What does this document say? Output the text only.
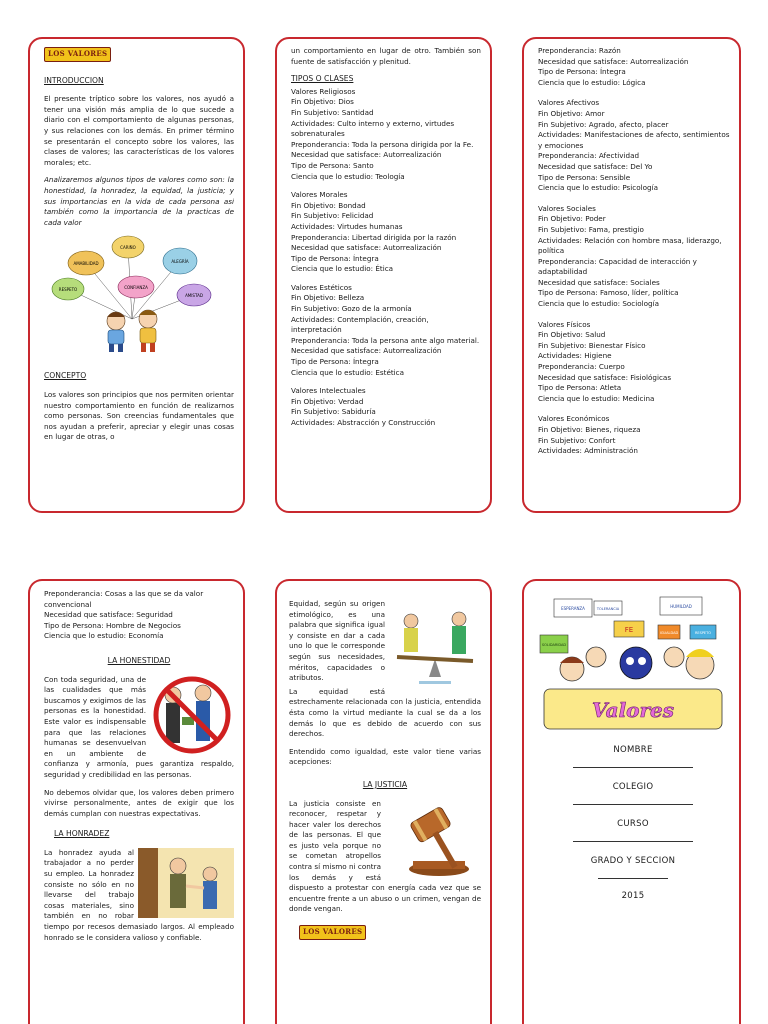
LOS VALORES
INTRODUCCION

El presente tríptico sobre los valores, nos ayudó a tener una visión más amplia de lo que sucede a diario con el comportamiento de algunas personas, y sus relaciones con los demás. En primer término se presentarán el concepto sobre los valores, las clases de valores; las características de los valores morales; etc.

Analizaremos algunos tipos de valores como son: la honestidad, la honradez, la equidad, la justicia; y sus importancias en la vida de cada persona así también como la importancia de la practicas de cada valor

CARIÑO
AMABILIDAD	ALEGRÍA
RESPETO	CONFIANZA
AMISTAD
CONCEPTO

Los valores son principios que nos permiten orientar nuestro comportamiento en función de realizarnos como personas. Son creencias fundamentales que nos ayudan a preferir, apreciar y elegir unas cosas en lugar de otras, o

un comportamiento en lugar de otro. También son fuente de satisfacción y plenitud.

TIPOS O CLASES
Valores Religiosos
Fin Objetivo: Dios
Fin Subjetivo: Santidad
Actividades: Culto interno y externo, virtudes sobrenaturales
Preponderancia: Toda la persona dirigida por la Fe.
Necesidad que satisface: Autorrealización
Tipo de Persona: Santo
Ciencia que lo estudio: Teología
Valores Morales
Fin Objetivo: Bondad
Fin Subjetivo: Felicidad
Actividades: Virtudes humanas
Preponderancia: Libertad dirigida por la razón
Necesidad que satisface: Autorrealización
Tipo de Persona: Íntegra
Ciencia que lo estudio: Ética
Valores Estéticos
Fin Objetivo: Belleza
Fin Subjetivo: Gozo de la armonía
Actividades: Contemplación, creación, interpretación
Preponderancia: Toda la persona ante algo material.
Necesidad que satisface: Autorrealización
Tipo de Persona: Íntegra
Ciencia que lo estudio: Estética
Valores Intelectuales
Fin Objetivo: Verdad
Fin Subjetivo: Sabiduría
Actividades: Abstracción y Construcción
Preponderancia: Razón
Necesidad que satisface: Autorrealización
Tipo de Persona: Íntegra
Ciencia que lo estudio: Lógica
Valores Afectivos
Fin Objetivo: Amor
Fin Subjetivo: Agrado, afecto, placer
Actividades: Manifestaciones de afecto, sentimientos y emociones
Preponderancia: Afectividad
Necesidad que satisface: Del Yo
Tipo de Persona: Sensible
Ciencia que lo estudio: Psicología
Valores Sociales
Fin Objetivo: Poder
Fin Subjetivo: Fama, prestigio
Actividades: Relación con hombre masa, liderazgo, política
Preponderancia: Capacidad de interacción y adaptabilidad
Necesidad que satisface: Sociales
Tipo de Persona: Famoso, líder, política
Ciencia que lo estudio: Sociología
Valores Físicos
Fin Objetivo: Salud
Fin Subjetivo: Bienestar Físico
Actividades: Higiene
Preponderancia: Cuerpo
Necesidad que satisface: Fisiológicas
Tipo de Persona: Atleta
Ciencia que lo estudio: Medicina
Valores Económicos
Fin Objetivo: Bienes, riqueza
Fin Subjetivo: Confort
Actividades: Administración
Preponderancia: Cosas a las que se da valor convencional
Necesidad que satisface: Seguridad
Tipo de Persona: Hombre de Negocios
Ciencia que lo estudio: Economía
LA HONESTIDAD

Con toda seguridad, una de las cualidades que más buscamos y exigimos de las personas es la honestidad. Este valor es indispensable para que las relaciones humanas se desenvuelvan en un ambiente de confianza y armonía, pues garantiza respaldo, seguridad y credibilidad en las personas.

No debemos olvidar que, los valores deben primero vivirse personalmente, antes de exigir que los demás cumplan con nuestras expectativas.

LA HONRADEZ

La honradez ayuda al trabajador a no perder su empleo. La honradez consiste no sólo en no llevarse del trabajo cosas materiales, sino también en no robar tiempo por recesos demasiado largos. Al empleado honrado se le considera valioso y confiable.

Equidad, según su origen etimológico, es una palabra que significa igual y consiste en dar a cada uno lo que le corresponde según sus necesidades, méritos, capacidades o atributos.

La equidad está estrechamente relacionada con la justicia, entendida ésta como la virtud mediante la cual se da a los demás lo que es debido de acuerdo con sus derechos.

Entendido como igualdad, este valor tiene varias acepciones:

LA JUSTICIA

La justicia consiste en reconocer, respetar y hacer valer los derechos de las personas. El que es justo vela porque no se cometan atropellos contra sí mismo ni contra los demás y está dispuesto a protestar con energía cada vez que se encuentre frente a un abuso o un crimen, vengan de donde vengan.

LOS VALORES
FE
ESPERANZA	HUMILDAD
SOLIDARIDAD
IGUALDAD	RESPETO
TOLERANCIA
Valores
NOMBRE
COLEGIO
CURSO
GRADO Y SECCION
2015
